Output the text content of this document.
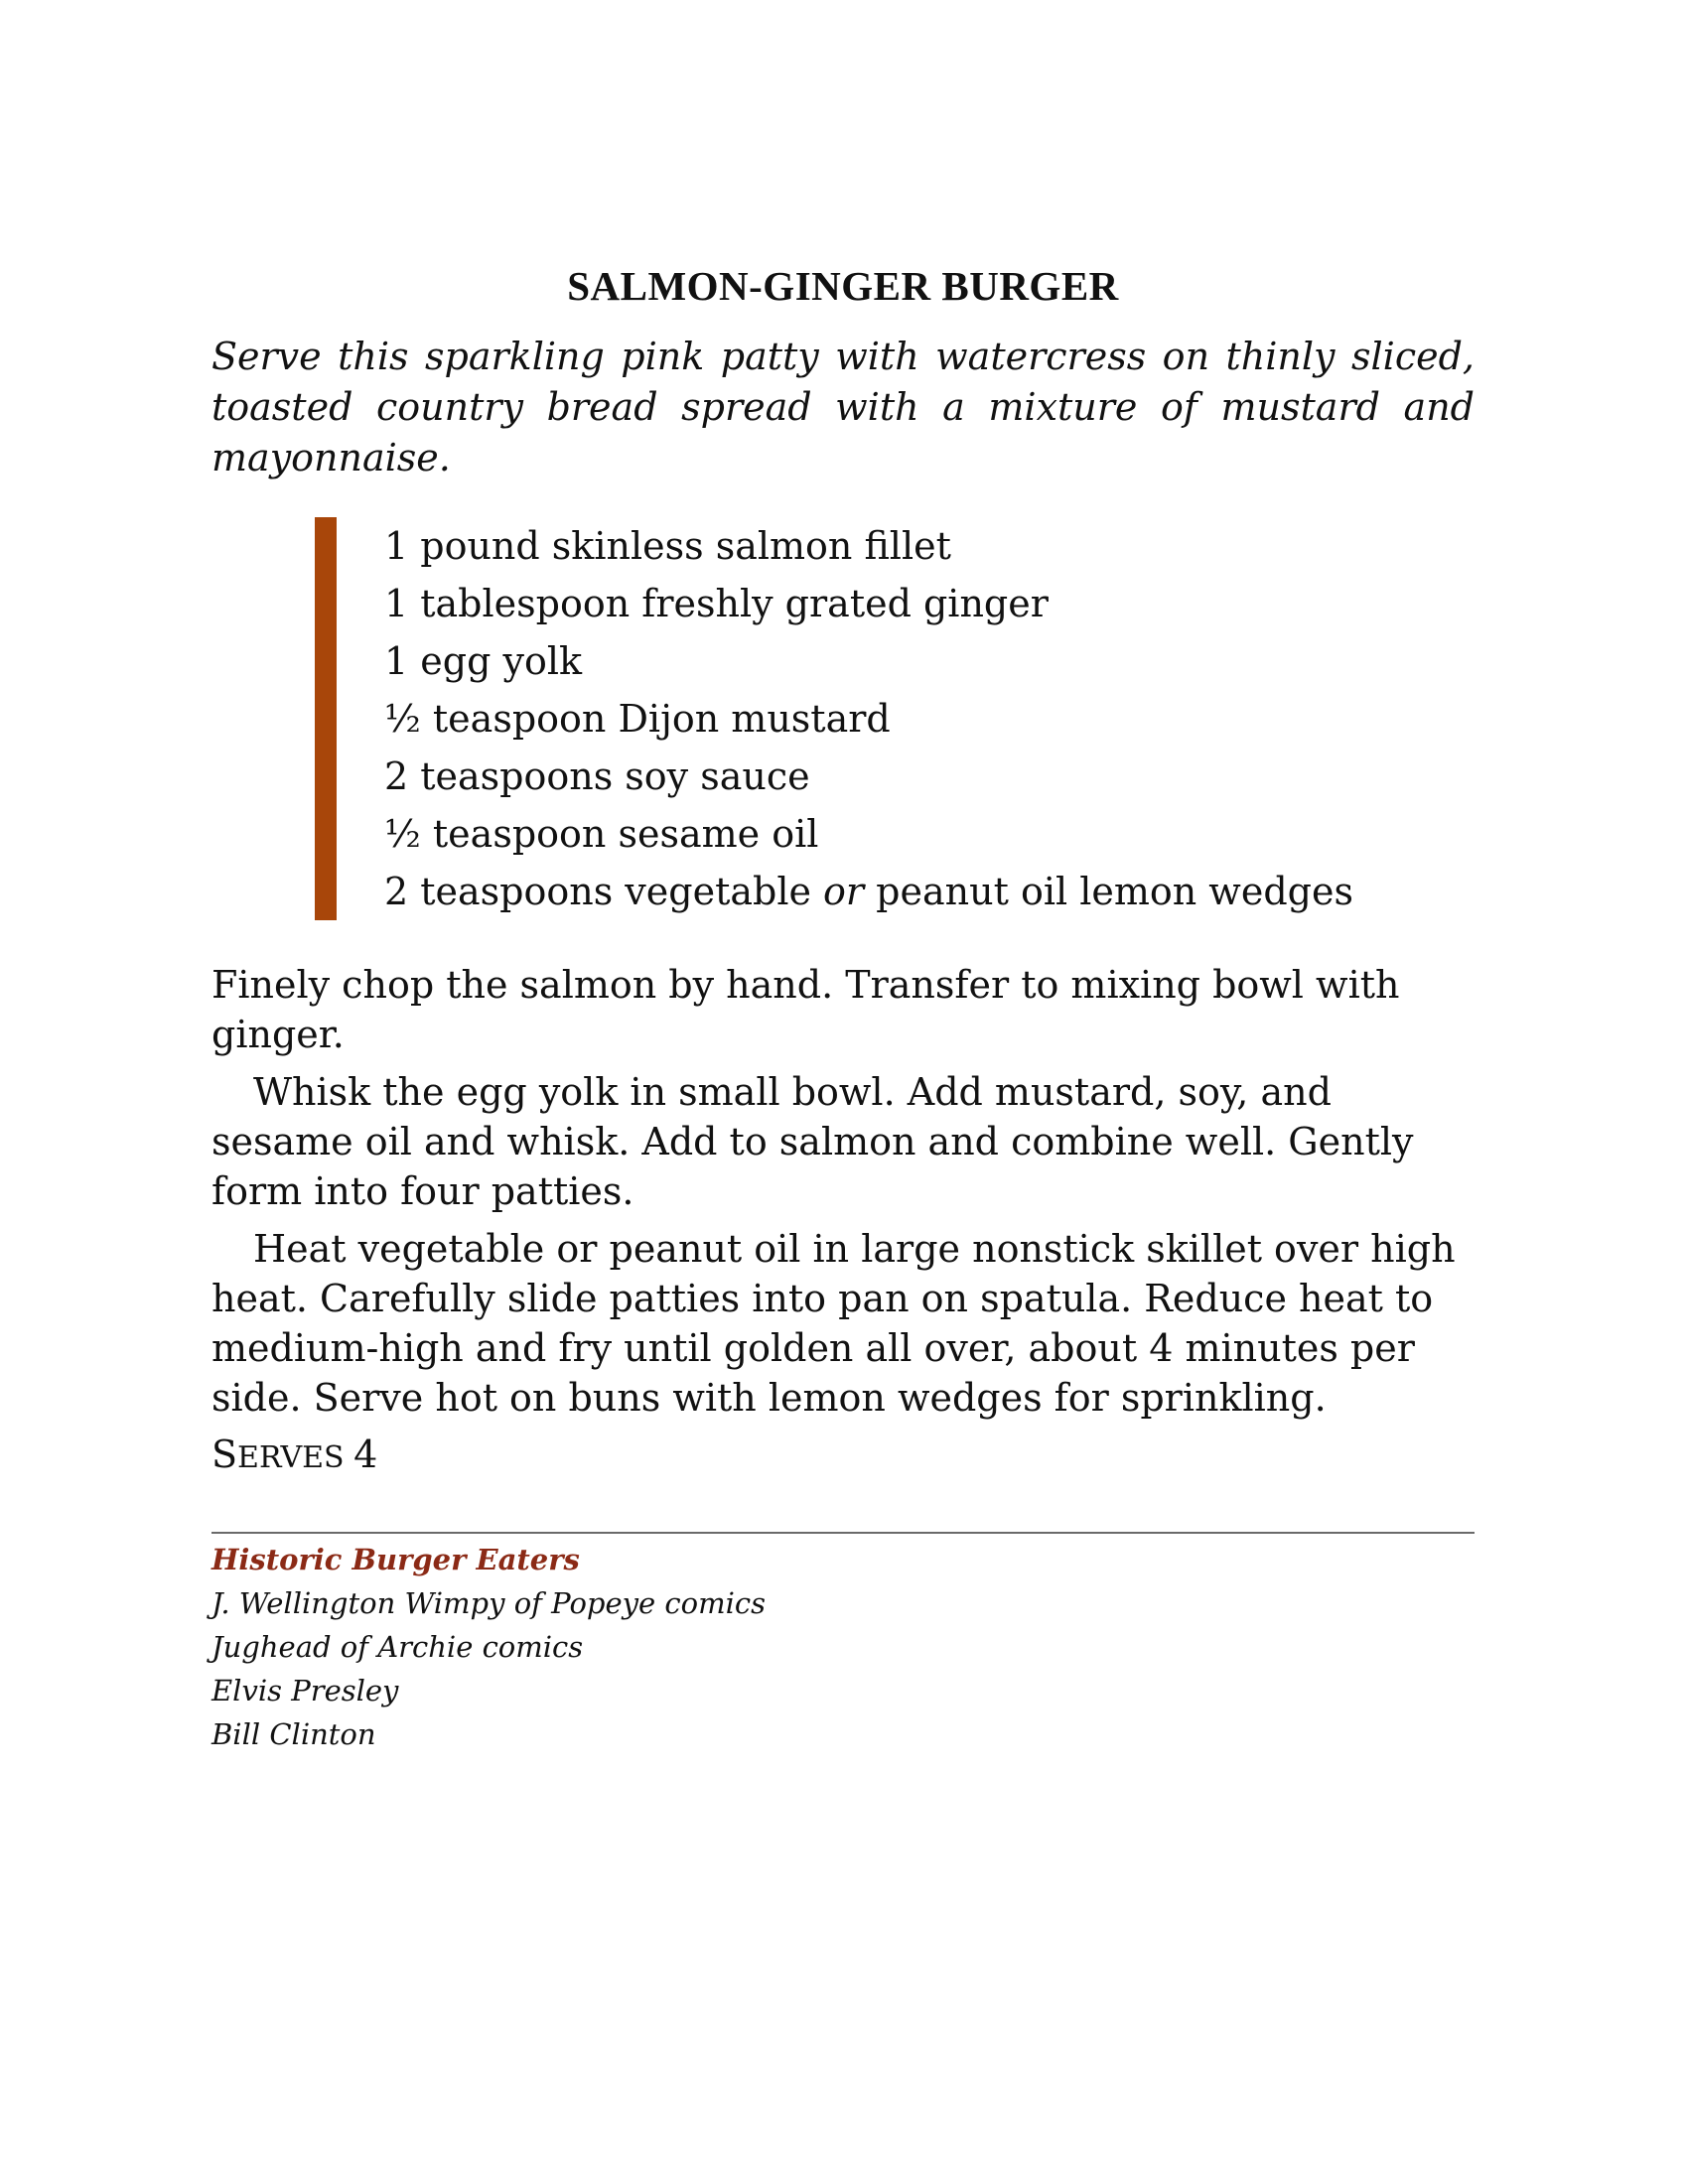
SALMON-GINGER BURGER

Serve this sparkling pink patty with watercress on thinly sliced, toasted country bread spread with a mixture of mustard and mayonnaise.

1 pound skinless salmon fillet
1 tablespoon freshly grated ginger
1 egg yolk
½ teaspoon Dijon mustard
2 teaspoons soy sauce
½ teaspoon sesame oil
2 teaspoons vegetable or peanut oil lemon wedges

Finely chop the salmon by hand. Transfer to mixing bowl with ginger.

Whisk the egg yolk in small bowl. Add mustard, soy, and sesame oil and whisk. Add to salmon and combine well. Gently form into four patties.

Heat vegetable or peanut oil in large nonstick skillet over high heat. Carefully slide patties into pan on spatula. Reduce heat to medium-high and fry until golden all over, about 4 minutes per side. Serve hot on buns with lemon wedges for sprinkling.

SERVES 4

Historic Burger Eaters

J. Wellington Wimpy of Popeye comics
Jughead of Archie comics
Elvis Presley
Bill Clinton
